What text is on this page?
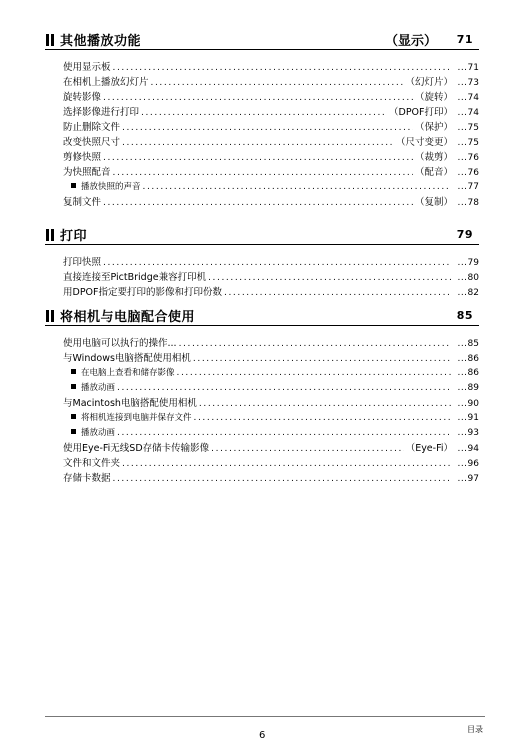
其他播放功能	（显示） 71
使用显示板 .....	... 71
在相机上播放幻灯片 .....	（幻灯片）	... 73
旋转影像 .....	（旋转）	... 74
选择影像进行打印 .....	（DPOF打印）	... 74
防止删除文件 .....	（保护）	... 75
改变快照尺寸 .....	（尺寸变更）	... 75
剪修快照 .....	（裁剪）	... 76
为快照配音 .....	（配音）	... 76
播放快照的声音 .....	... 77
复制文件 .....	（复制）	... 78
打印	79
打印快照 .....	... 79
直接连接至PictBridge兼容打印机 .....	... 80
用DPOF指定要打印的影像和打印份数 .....	... 82
将相机与电脑配合使用	85
使用电脑可以执行的操作... .....	... 85
与Windows电脑搭配使用相机 .....	... 86
在电脑上查看和储存影像 .....	... 86
播放动画 .....	... 89
与Macintosh电脑搭配使用相机 .....	... 90
将相机连接到电脑并保存文件 .....	... 91
播放动画 .....	... 93
使用Eye-Fi无线SD存储卡传输影像 .....	（Eye-Fi）	... 94
文件和文件夹 .....	... 96
存储卡数据 .....	... 97
6
目录
